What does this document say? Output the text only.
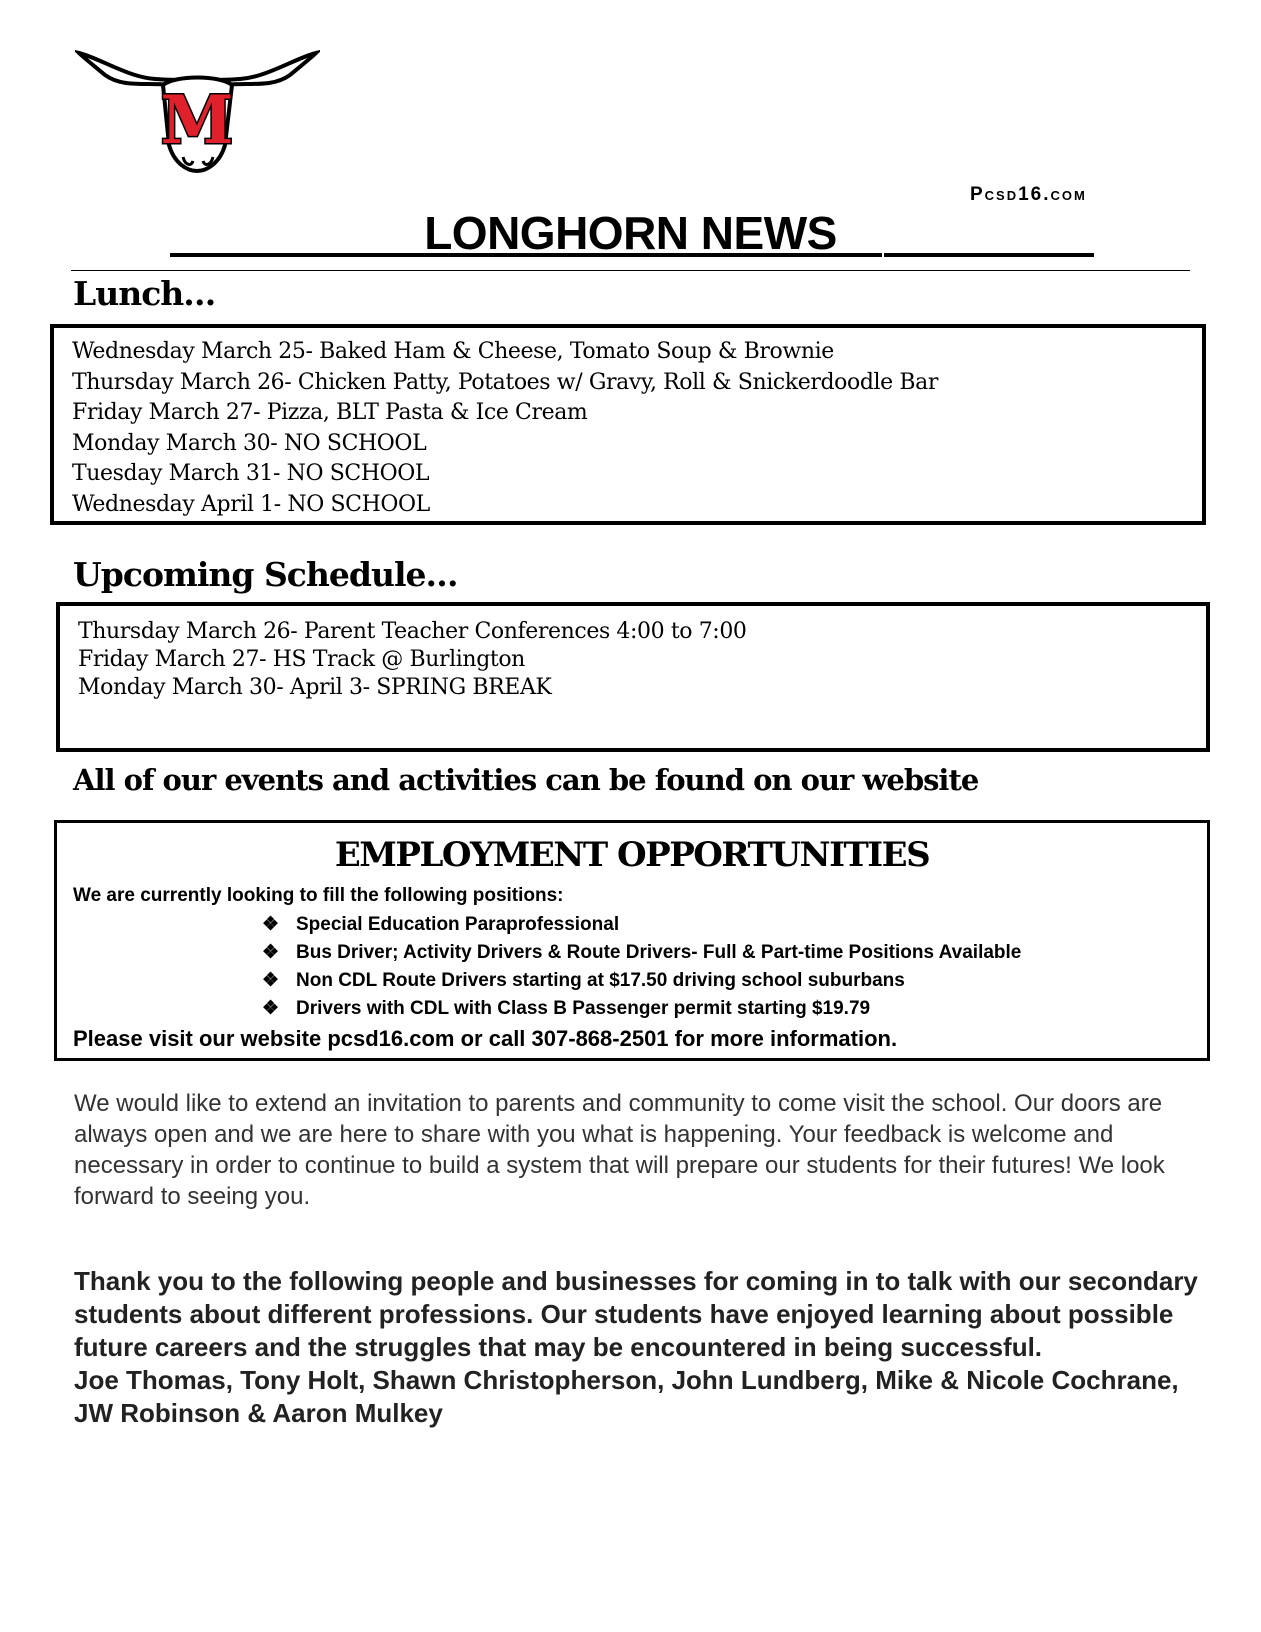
M
Pcsd16.com
LONGHORN NEWS
Lunch…
Wednesday March 25- Baked Ham & Cheese, Tomato Soup & Brownie
Thursday March 26- Chicken Patty, Potatoes w/ Gravy, Roll & Snickerdoodle Bar
Friday March 27- Pizza, BLT Pasta & Ice Cream
Monday March 30- NO SCHOOL
Tuesday March 31- NO SCHOOL
Wednesday April 1- NO SCHOOL
Upcoming Schedule…
Thursday March 26- Parent Teacher Conferences 4:00 to 7:00
Friday March 27- HS Track @ Burlington
Monday March 30- April 3- SPRING BREAK
All of our events and activities can be found on our website
EMPLOYMENT OPPORTUNITIES
We are currently looking to fill the following positions:
❖ Special Education Paraprofessional
❖ Bus Driver; Activity Drivers & Route Drivers- Full & Part-time Positions Available
❖ Non CDL Route Drivers starting at $17.50 driving school suburbans
❖ Drivers with CDL with Class B Passenger permit starting $19.79
Please visit our website pcsd16.com or call 307-868-2501 for more information.
We would like to extend an invitation to parents and community to come visit the school. Our doors are always open and we are here to share with you what is happening. Your feedback is welcome and necessary in order to continue to build a system that will prepare our students for their futures! We look forward to seeing you.
Thank you to the following people and businesses for coming in to talk with our secondary students about different professions. Our students have enjoyed learning about possible future careers and the struggles that may be encountered in being successful.
Joe Thomas, Tony Holt, Shawn Christopherson, John Lundberg, Mike & Nicole Cochrane, JW Robinson & Aaron Mulkey
